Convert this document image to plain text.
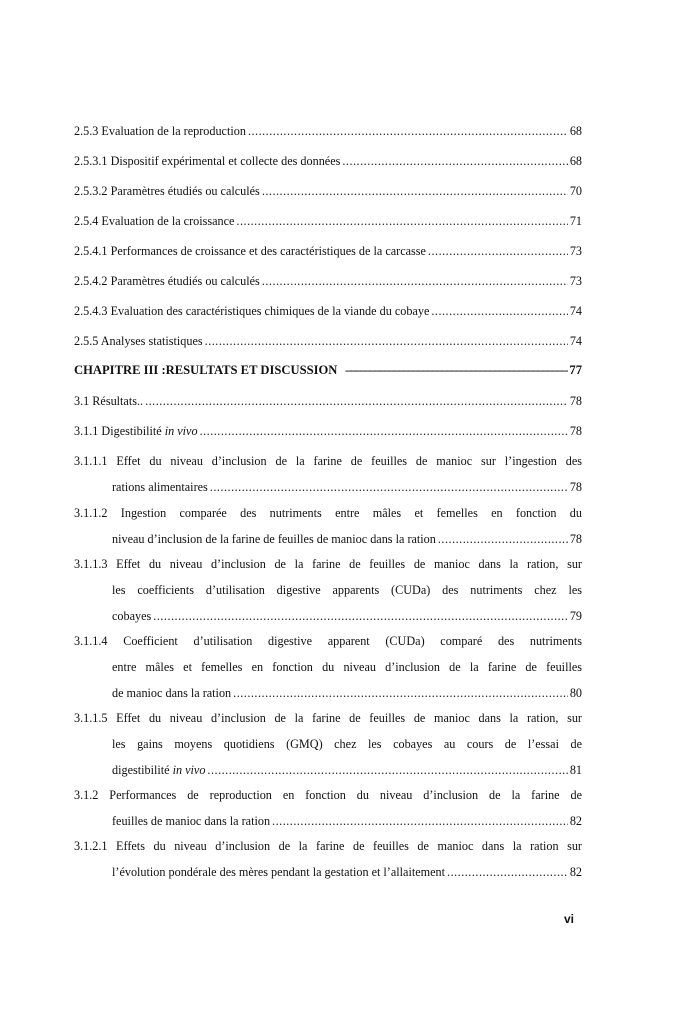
2.5.3 Evaluation de la reproduction .....	68
2.5.3.1 Dispositif expérimental et collecte des données .....	68
2.5.3.2 Paramètres étudiés ou calculés .....	70
2.5.4 Evaluation de la croissance .....	71
2.5.4.1 Performances de croissance et des caractéristiques de la carcasse .....	73
2.5.4.2 Paramètres étudiés ou calculés .....	73
2.5.4.3 Evaluation des caractéristiques chimiques de la viande du cobaye .....	74
2.5.5 Analyses statistiques .....	74
CHAPITRE III :RESULTATS ET DISCUSSION –––––	77
3.1 Résultats.. .....	78
3.1.1 Digestibilité in vivo .....	78
3.1.1.1 Effet du niveau d’inclusion de la farine de feuilles de manioc sur l’ingestion des
rations alimentaires .....	78
3.1.1.2 Ingestion comparée des nutriments entre mâles et femelles en fonction du
niveau d’inclusion de la farine de feuilles de manioc dans la ration .....	78
3.1.1.3 Effet du niveau d’inclusion de la farine de feuilles de manioc dans la ration, sur
les coefficients d’utilisation digestive apparents (CUDa) des nutriments chez les
cobayes .....	79
3.1.1.4 Coefficient d’utilisation digestive apparent (CUDa) comparé des nutriments
entre mâles et femelles en fonction du niveau d’inclusion de la farine de feuilles
de manioc dans la ration .....	80
3.1.1.5 Effet du niveau d’inclusion de la farine de feuilles de manioc dans la ration, sur
les gains moyens quotidiens (GMQ) chez les cobayes au cours de l’essai de
digestibilité in vivo .....	81
3.1.2 Performances de reproduction en fonction du niveau d’inclusion de la farine de
feuilles de manioc dans la ration .....	82
3.1.2.1 Effets du niveau d’inclusion de la farine de feuilles de manioc dans la ration sur
l’évolution pondérale des mères pendant la gestation et l’allaitement .....	82
vi
